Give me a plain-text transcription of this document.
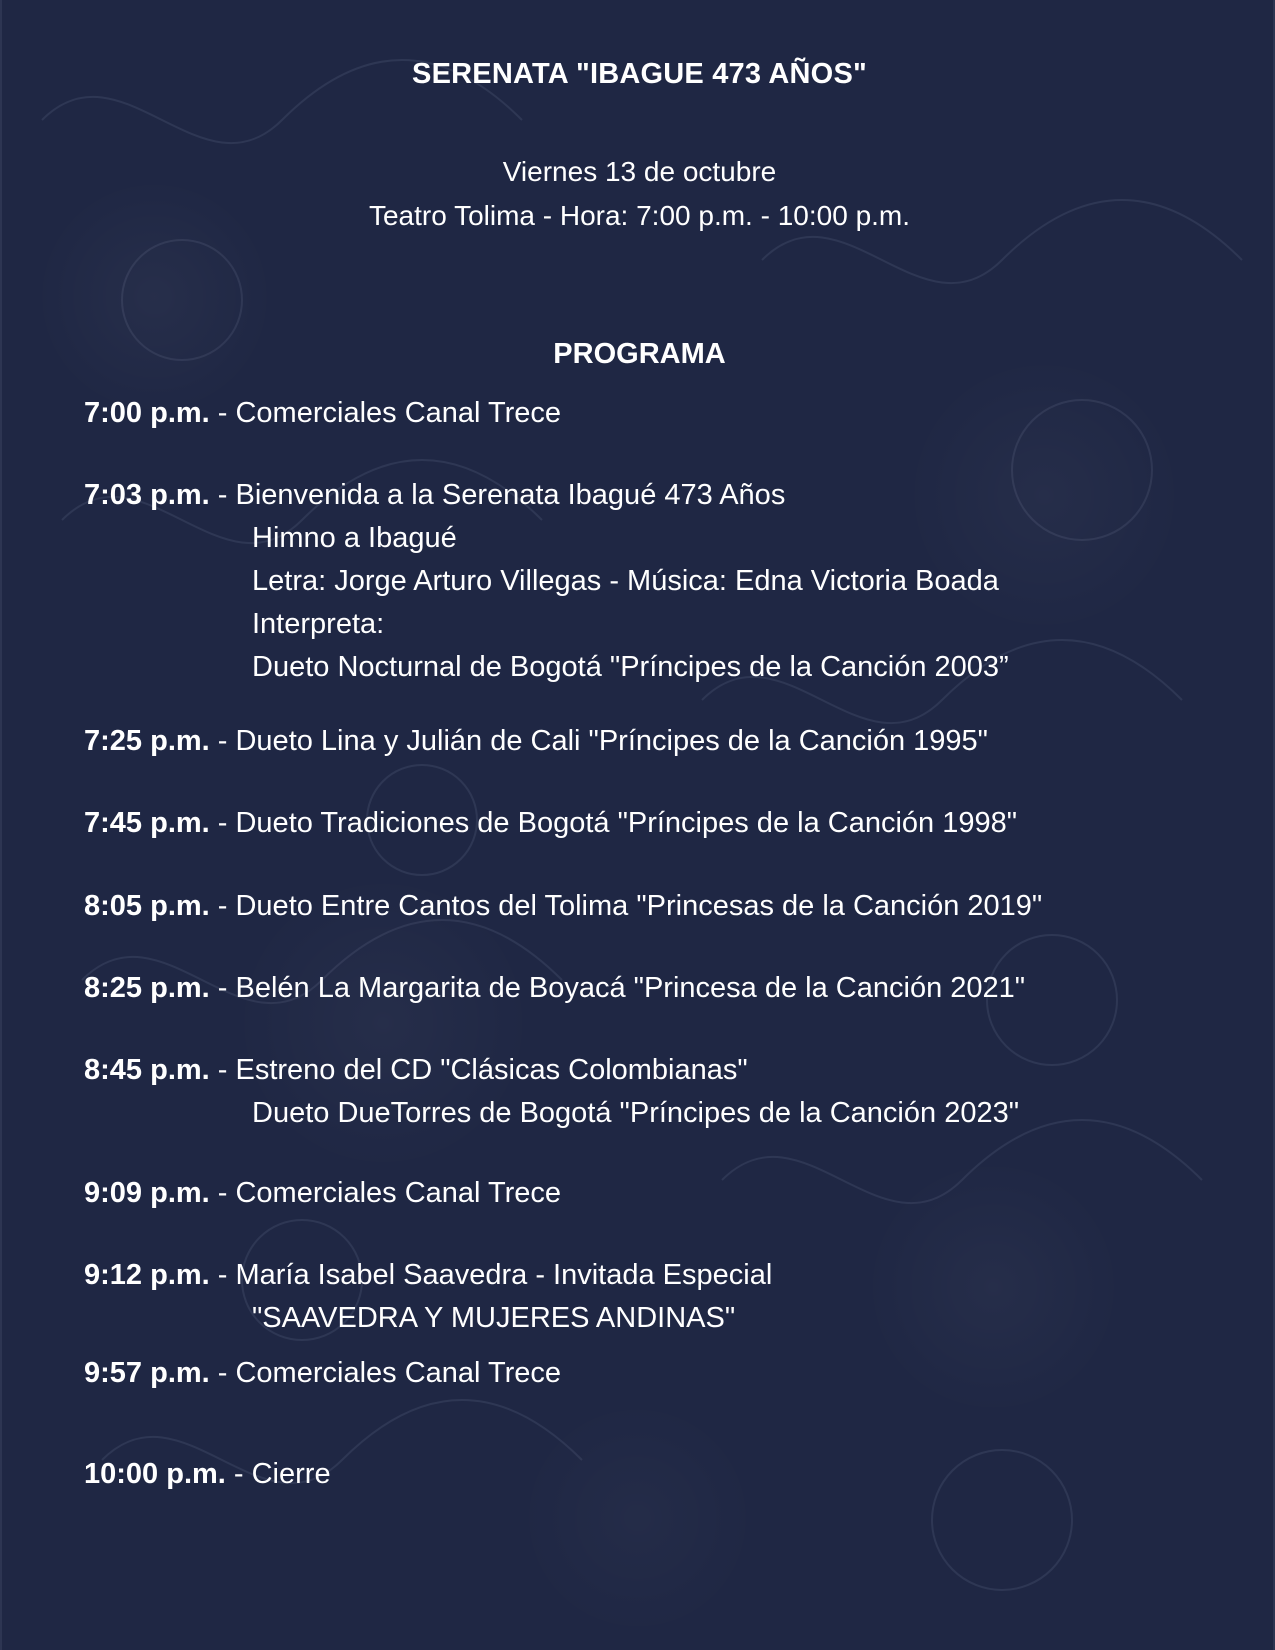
SERENATA "IBAGUE 473 AÑOS"
Viernes 13 de octubre
Teatro Tolima - Hora: 7:00 p.m. - 10:00 p.m.
PROGRAMA
7:00 p.m. - Comerciales Canal Trece
7:03 p.m. - Bienvenida a la Serenata Ibagué 473 Años
Himno a Ibagué
Letra: Jorge Arturo Villegas - Música: Edna Victoria Boada
Interpreta:
Dueto Nocturnal de Bogotá "Príncipes de la Canción 2003”
7:25 p.m. - Dueto Lina y Julián de Cali "Príncipes de la Canción 1995"
7:45 p.m. - Dueto Tradiciones de Bogotá "Príncipes de la Canción 1998"
8:05 p.m. - Dueto Entre Cantos del Tolima "Princesas de la Canción 2019"
8:25 p.m. - Belén La Margarita de Boyacá "Princesa de la Canción 2021"
8:45 p.m. - Estreno del CD "Clásicas Colombianas"
Dueto DueTorres de Bogotá "Príncipes de la Canción 2023"
9:09 p.m. - Comerciales Canal Trece
9:12 p.m. - María Isabel Saavedra - Invitada Especial
"SAAVEDRA Y MUJERES ANDINAS"
9:57 p.m. - Comerciales Canal Trece
10:00 p.m. - Cierre
